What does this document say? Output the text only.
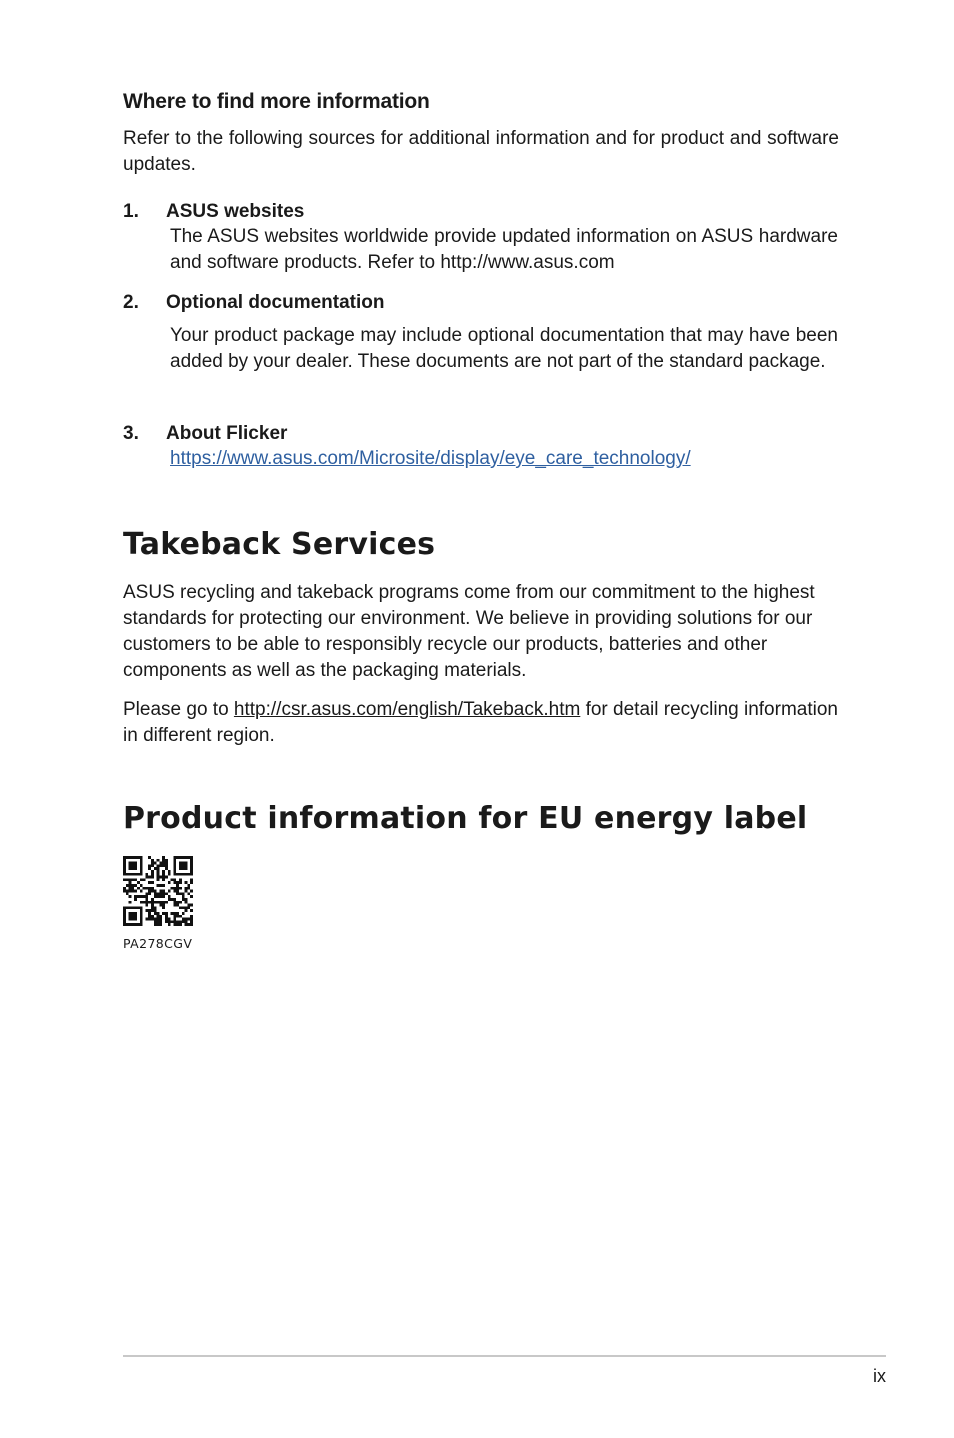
Where to find more information
Refer to the following sources for additional information and for product and software updates.
1. ASUS websites
The ASUS websites worldwide provide updated information on ASUS hardware and software products. Refer to http://www.asus.com
2. Optional documentation
Your product package may include optional documentation that may have been added by your dealer. These documents are not part of the standard package.
3. About Flicker
https://www.asus.com/Microsite/display/eye_care_technology/
Takeback Services
ASUS recycling and takeback programs come from our commitment to the highest standards for protecting our environment. We believe in providing solutions for our customers to be able to responsibly recycle our products, batteries and other components as well as the packaging materials.
Please go to http://csr.asus.com/english/Takeback.htm for detail recycling information in different region.
Product information for EU energy label
PA278CGV
ix
